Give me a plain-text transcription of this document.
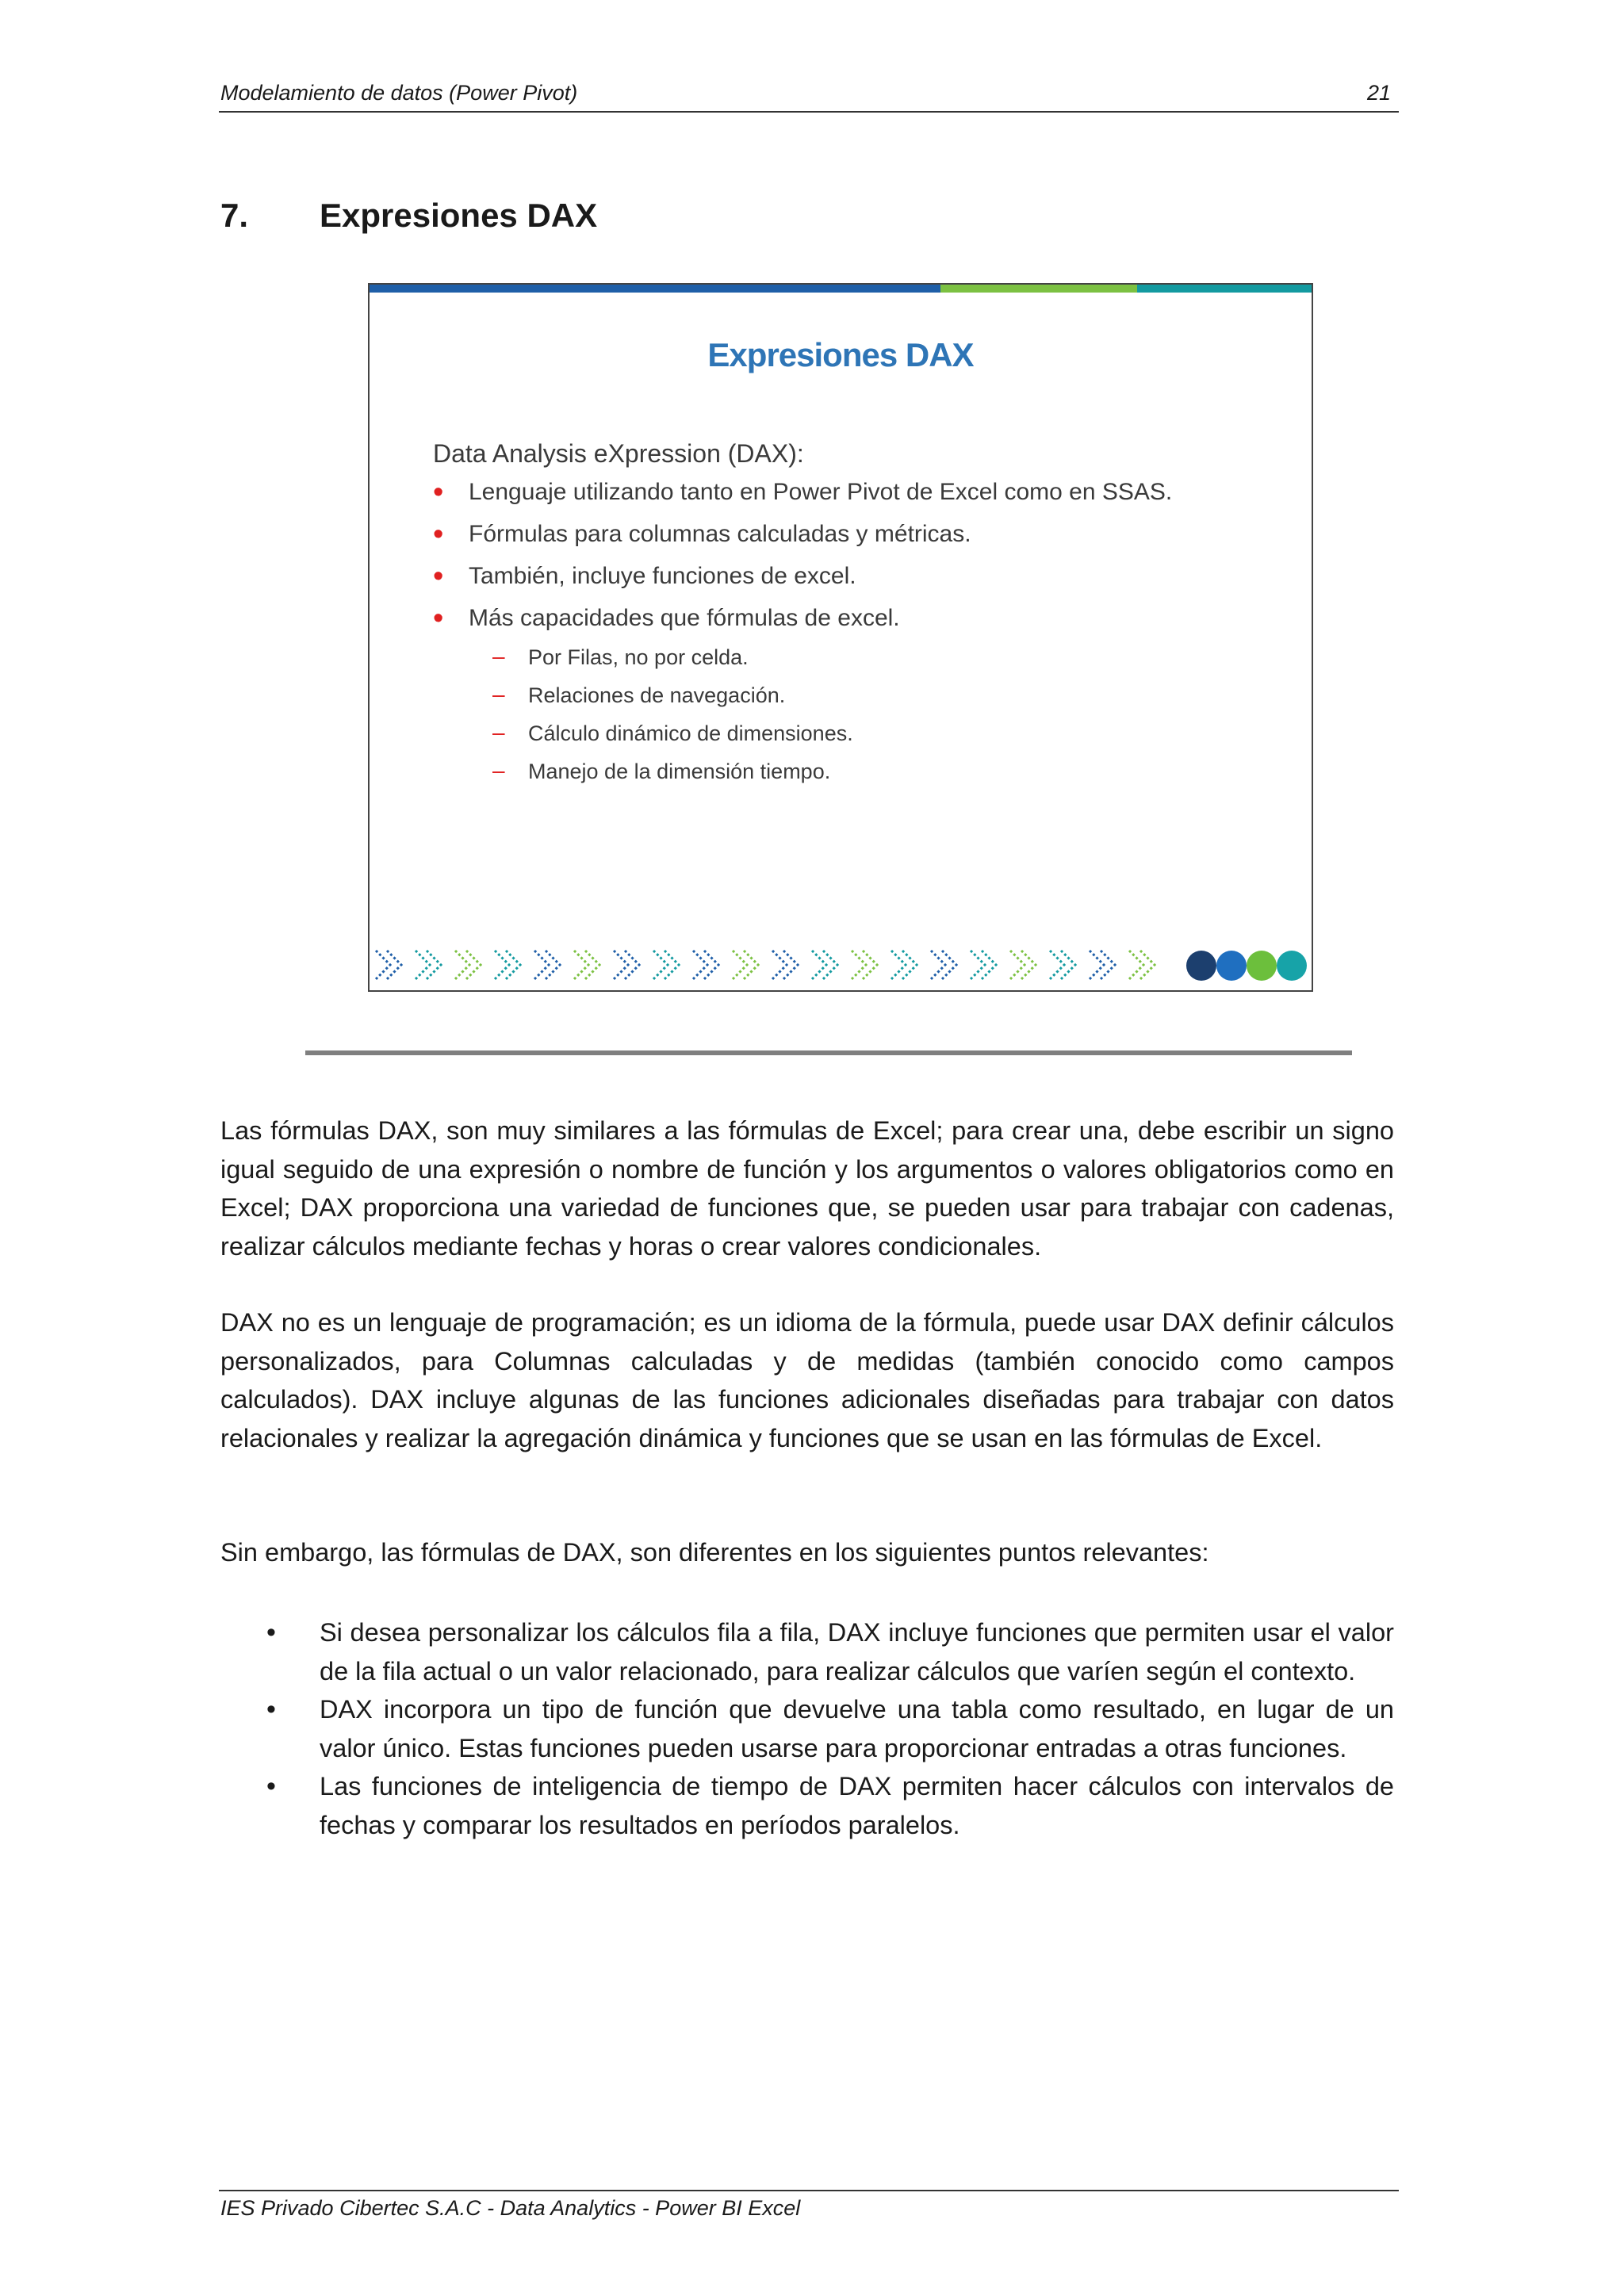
Modelamiento de datos (Power Pivot)	21
7. Expresiones DAX
Expresiones DAX
Data Analysis eXpression (DAX):
• Lenguaje utilizando tanto en Power Pivot de Excel como en SSAS.
• Fórmulas para columnas calculadas y métricas.
• También, incluye funciones de excel.
• Más capacidades que fórmulas de excel.
– Por Filas, no por celda.
– Relaciones de navegación.
– Cálculo dinámico de dimensiones.
– Manejo de la dimensión tiempo.

Las fórmulas DAX, son muy similares a las fórmulas de Excel; para crear una, debe escribir un signo igual seguido de una expresión o nombre de función y los argumentos o valores obligatorios como en Excel; DAX proporciona una variedad de funciones que, se pueden usar para trabajar con cadenas, realizar cálculos mediante fechas y horas o crear valores condicionales.

DAX no es un lenguaje de programación; es un idioma de la fórmula, puede usar DAX definir cálculos personalizados, para Columnas calculadas y de medidas (también conocido como campos calculados). DAX incluye algunas de las funciones adicionales diseñadas para trabajar con datos relacionales y realizar la agregación dinámica y funciones que se usan en las fórmulas de Excel.

Sin embargo, las fórmulas de DAX, son diferentes en los siguientes puntos relevantes:

• Si desea personalizar los cálculos fila a fila, DAX incluye funciones que permiten usar el valor de la fila actual o un valor relacionado, para realizar cálculos que varíen según el contexto.
• DAX incorpora un tipo de función que devuelve una tabla como resultado, en lugar de un valor único. Estas funciones pueden usarse para proporcionar entradas a otras funciones.
• Las funciones de inteligencia de tiempo de DAX permiten hacer cálculos con intervalos de fechas y comparar los resultados en períodos paralelos.
IES Privado Cibertec S.A.C - Data Analytics - Power BI Excel
